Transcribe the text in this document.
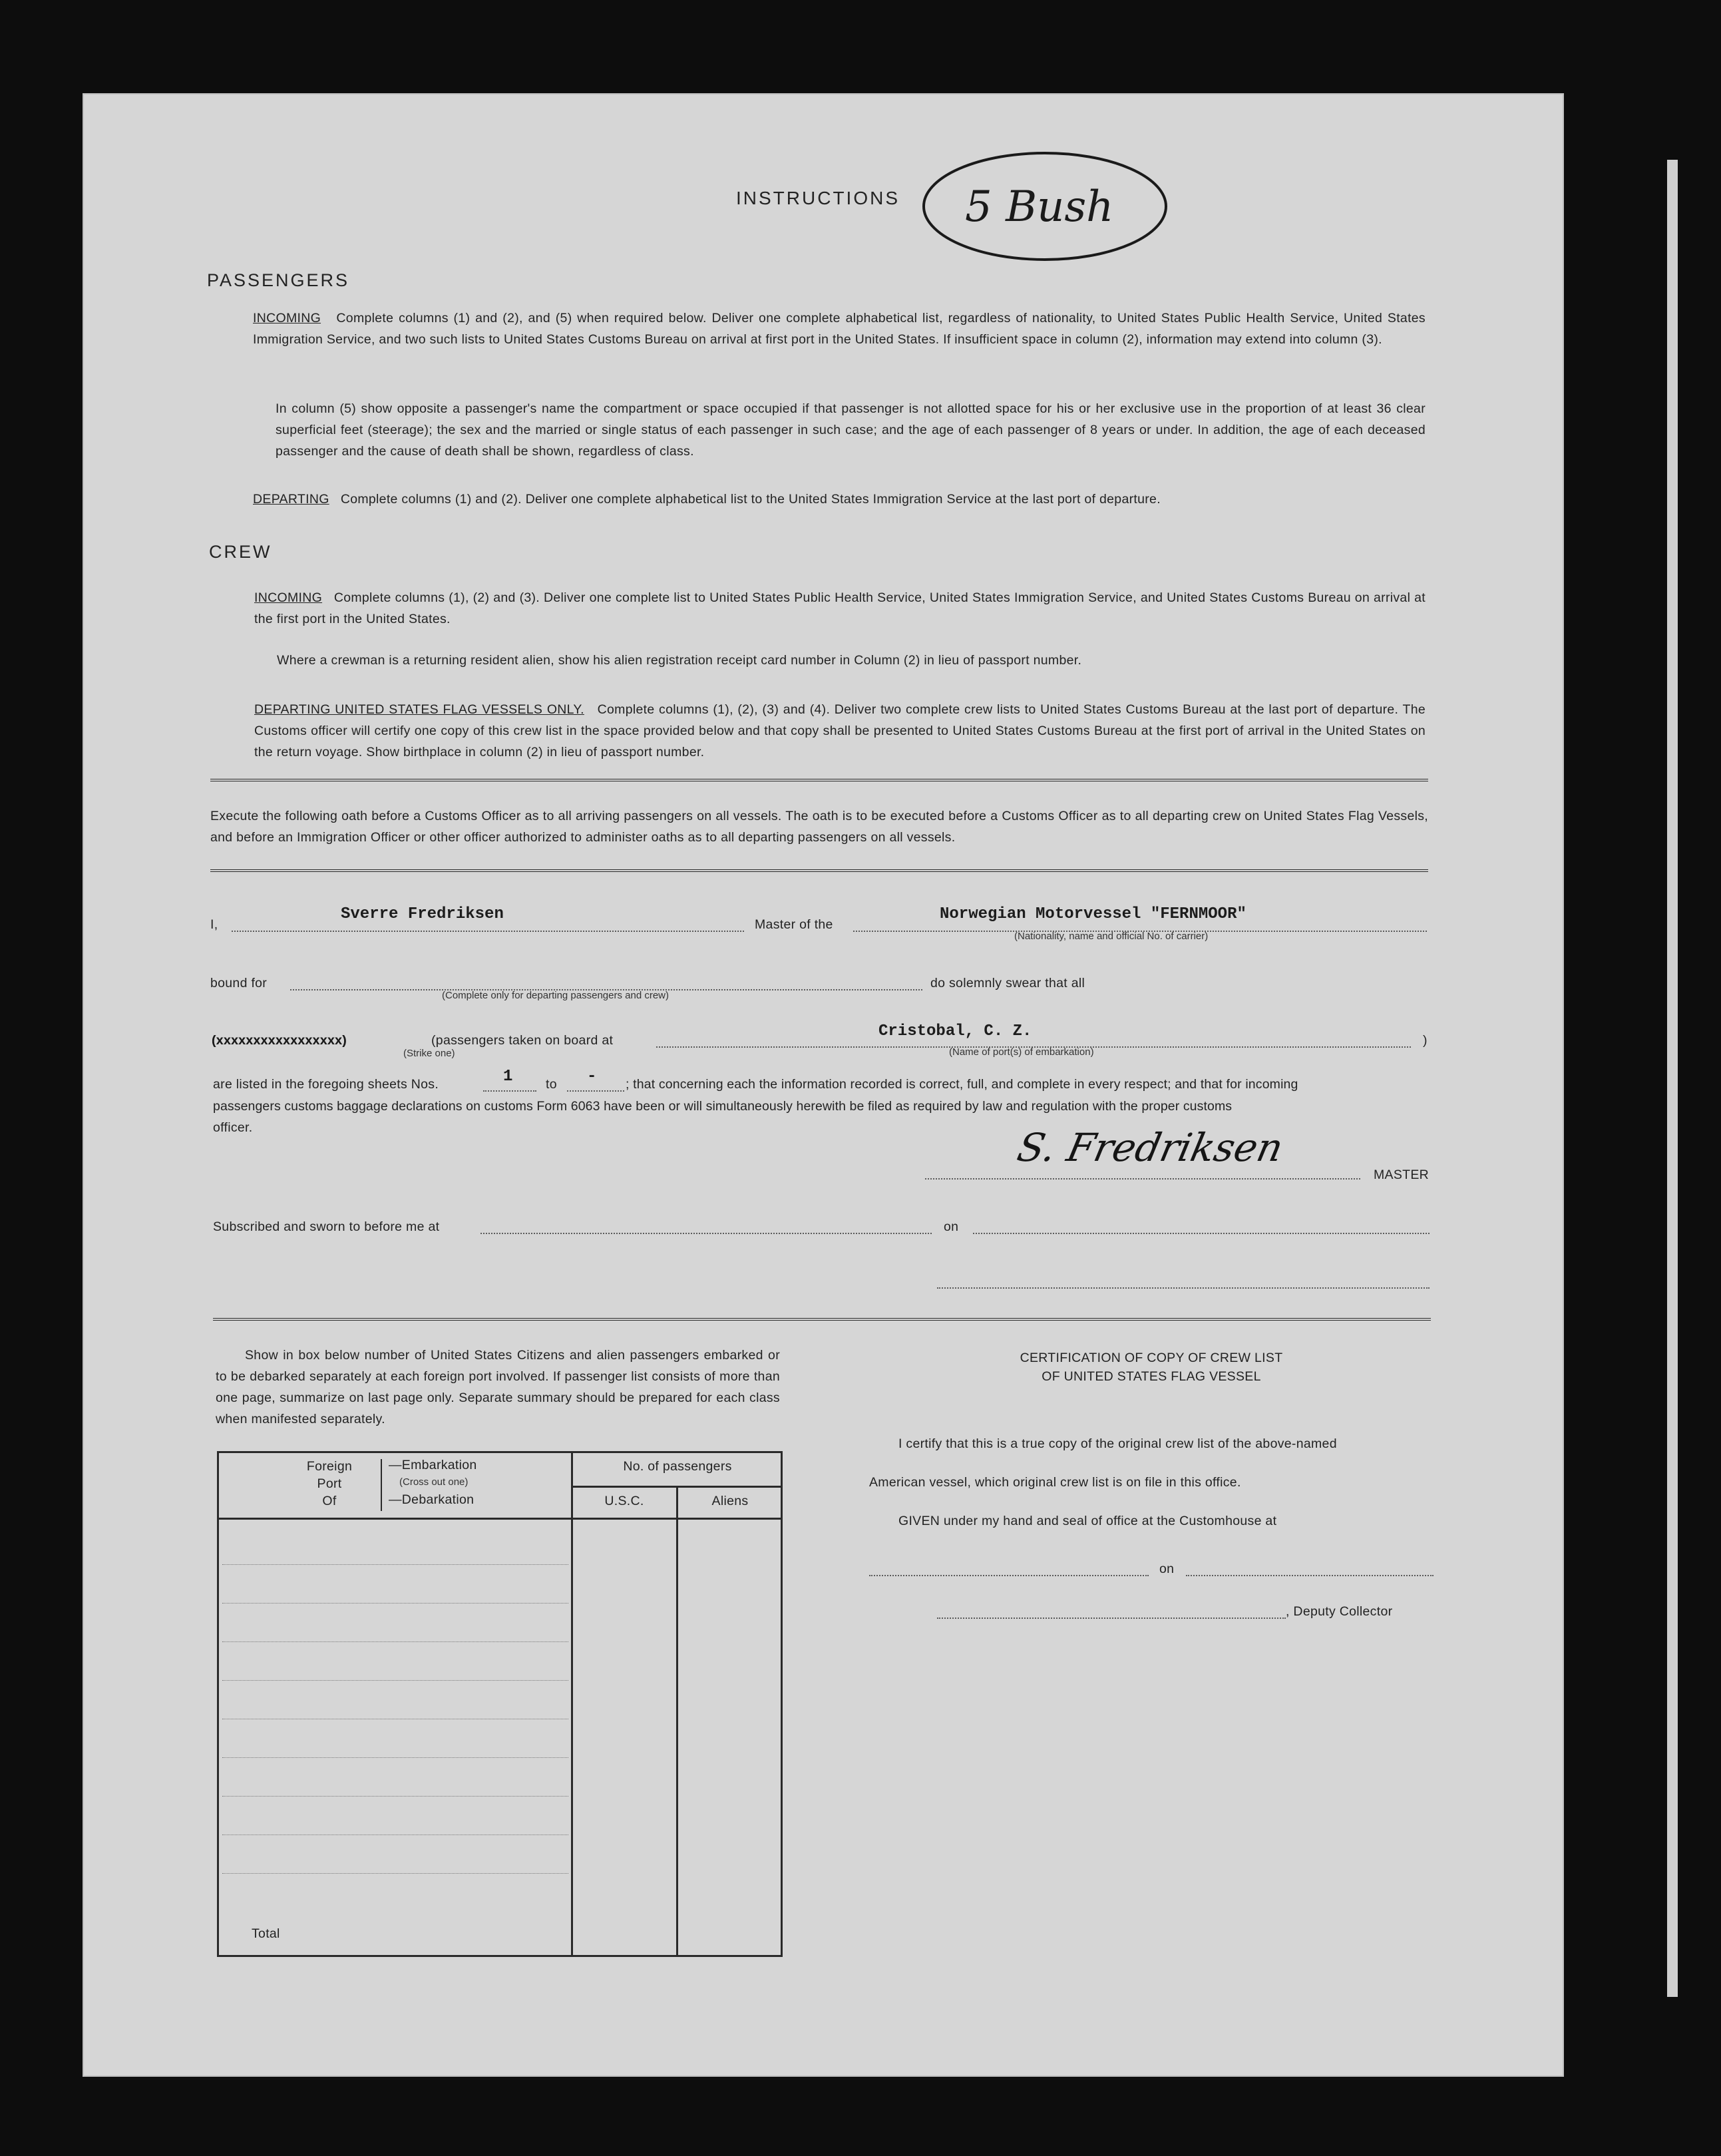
INSTRUCTIONS 5 Bush
PASSENGERS
INCOMING Complete columns (1) and (2), and (5) when required below. Deliver one complete alphabetical list, regardless of nationality, to United States Public Health Service, United States Immigration Service, and two such lists to United States Customs Bureau on arrival at first port in the United States. If insufficient space in column (2), information may extend into column (3).
In column (5) show opposite a passenger's name the compartment or space occupied if that passenger is not allotted space for his or her exclusive use in the proportion of at least 36 clear superficial feet (steerage); the sex and the married or single status of each passenger in such case; and the age of each passenger of 8 years or under. In addition, the age of each deceased passenger and the cause of death shall be shown, regardless of class.
DEPARTING Complete columns (1) and (2). Deliver one complete alphabetical list to the United States Immigration Service at the last port of departure.
CREW
INCOMING Complete columns (1), (2) and (3). Deliver one complete list to United States Public Health Service, United States Immigration Service, and United States Customs Bureau on arrival at the first port in the United States.
Where a crewman is a returning resident alien, show his alien registration receipt card number in Column (2) in lieu of passport number.
DEPARTING UNITED STATES FLAG VESSELS ONLY. Complete columns (1), (2), (3) and (4). Deliver two complete crew lists to United States Customs Bureau at the last port of departure. The Customs officer will certify one copy of this crew list in the space provided below and that copy shall be presented to United States Customs Bureau at the first port of arrival in the United States on the return voyage. Show birthplace in column (2) in lieu of passport number.
Execute the following oath before a Customs Officer as to all arriving passengers on all vessels. The oath is to be executed before a Customs Officer as to all departing crew on United States Flag Vessels, and before an Immigration Officer or other officer authorized to administer oaths as to all departing passengers on all vessels.
I,
Sverre Fredriksen
Master of the
Norwegian Motorvessel "FERNMOOR"
(Nationality, name and official No. of carrier)
bound for
(Complete only for departing passengers and crew)
do solemnly swear that all
(xxxxxxxxxxxxxxxxx)
(Strike one)
(passengers taken on board at	Cristobal, C. Z.
(Name of port(s) of embarkation)
)
are listed in the foregoing sheets Nos.	1	to - ; that concerning each the information recorded is correct, full, and complete in every respect; and that for incoming
passengers customs baggage declarations on customs Form 6063 have been or will simultaneously herewith be filed as required by law and regulation with the proper customs
officer.	S. Fredriksen
MASTER
Subscribed and sworn to before me at	on
Show in box below number of United States Citizens and alien passengers embarked or to be debarked separately at each foreign port involved. If passenger list consists of more than one page, summarize on last page only. Separate summary should be prepared for each class when manifested separately.
Foreign
Port
Of
—Embarkation
(Cross out one)
—Debarkation
No. of passengers
U.S.C.	Aliens
Total
CERTIFICATION OF COPY OF CREW LIST
OF UNITED STATES FLAG VESSEL
I certify that this is a true copy of the original crew list of the above-named
American vessel, which original crew list is on file in this office.
GIVEN under my hand and seal of office at the Customhouse at
on
, Deputy Collector
